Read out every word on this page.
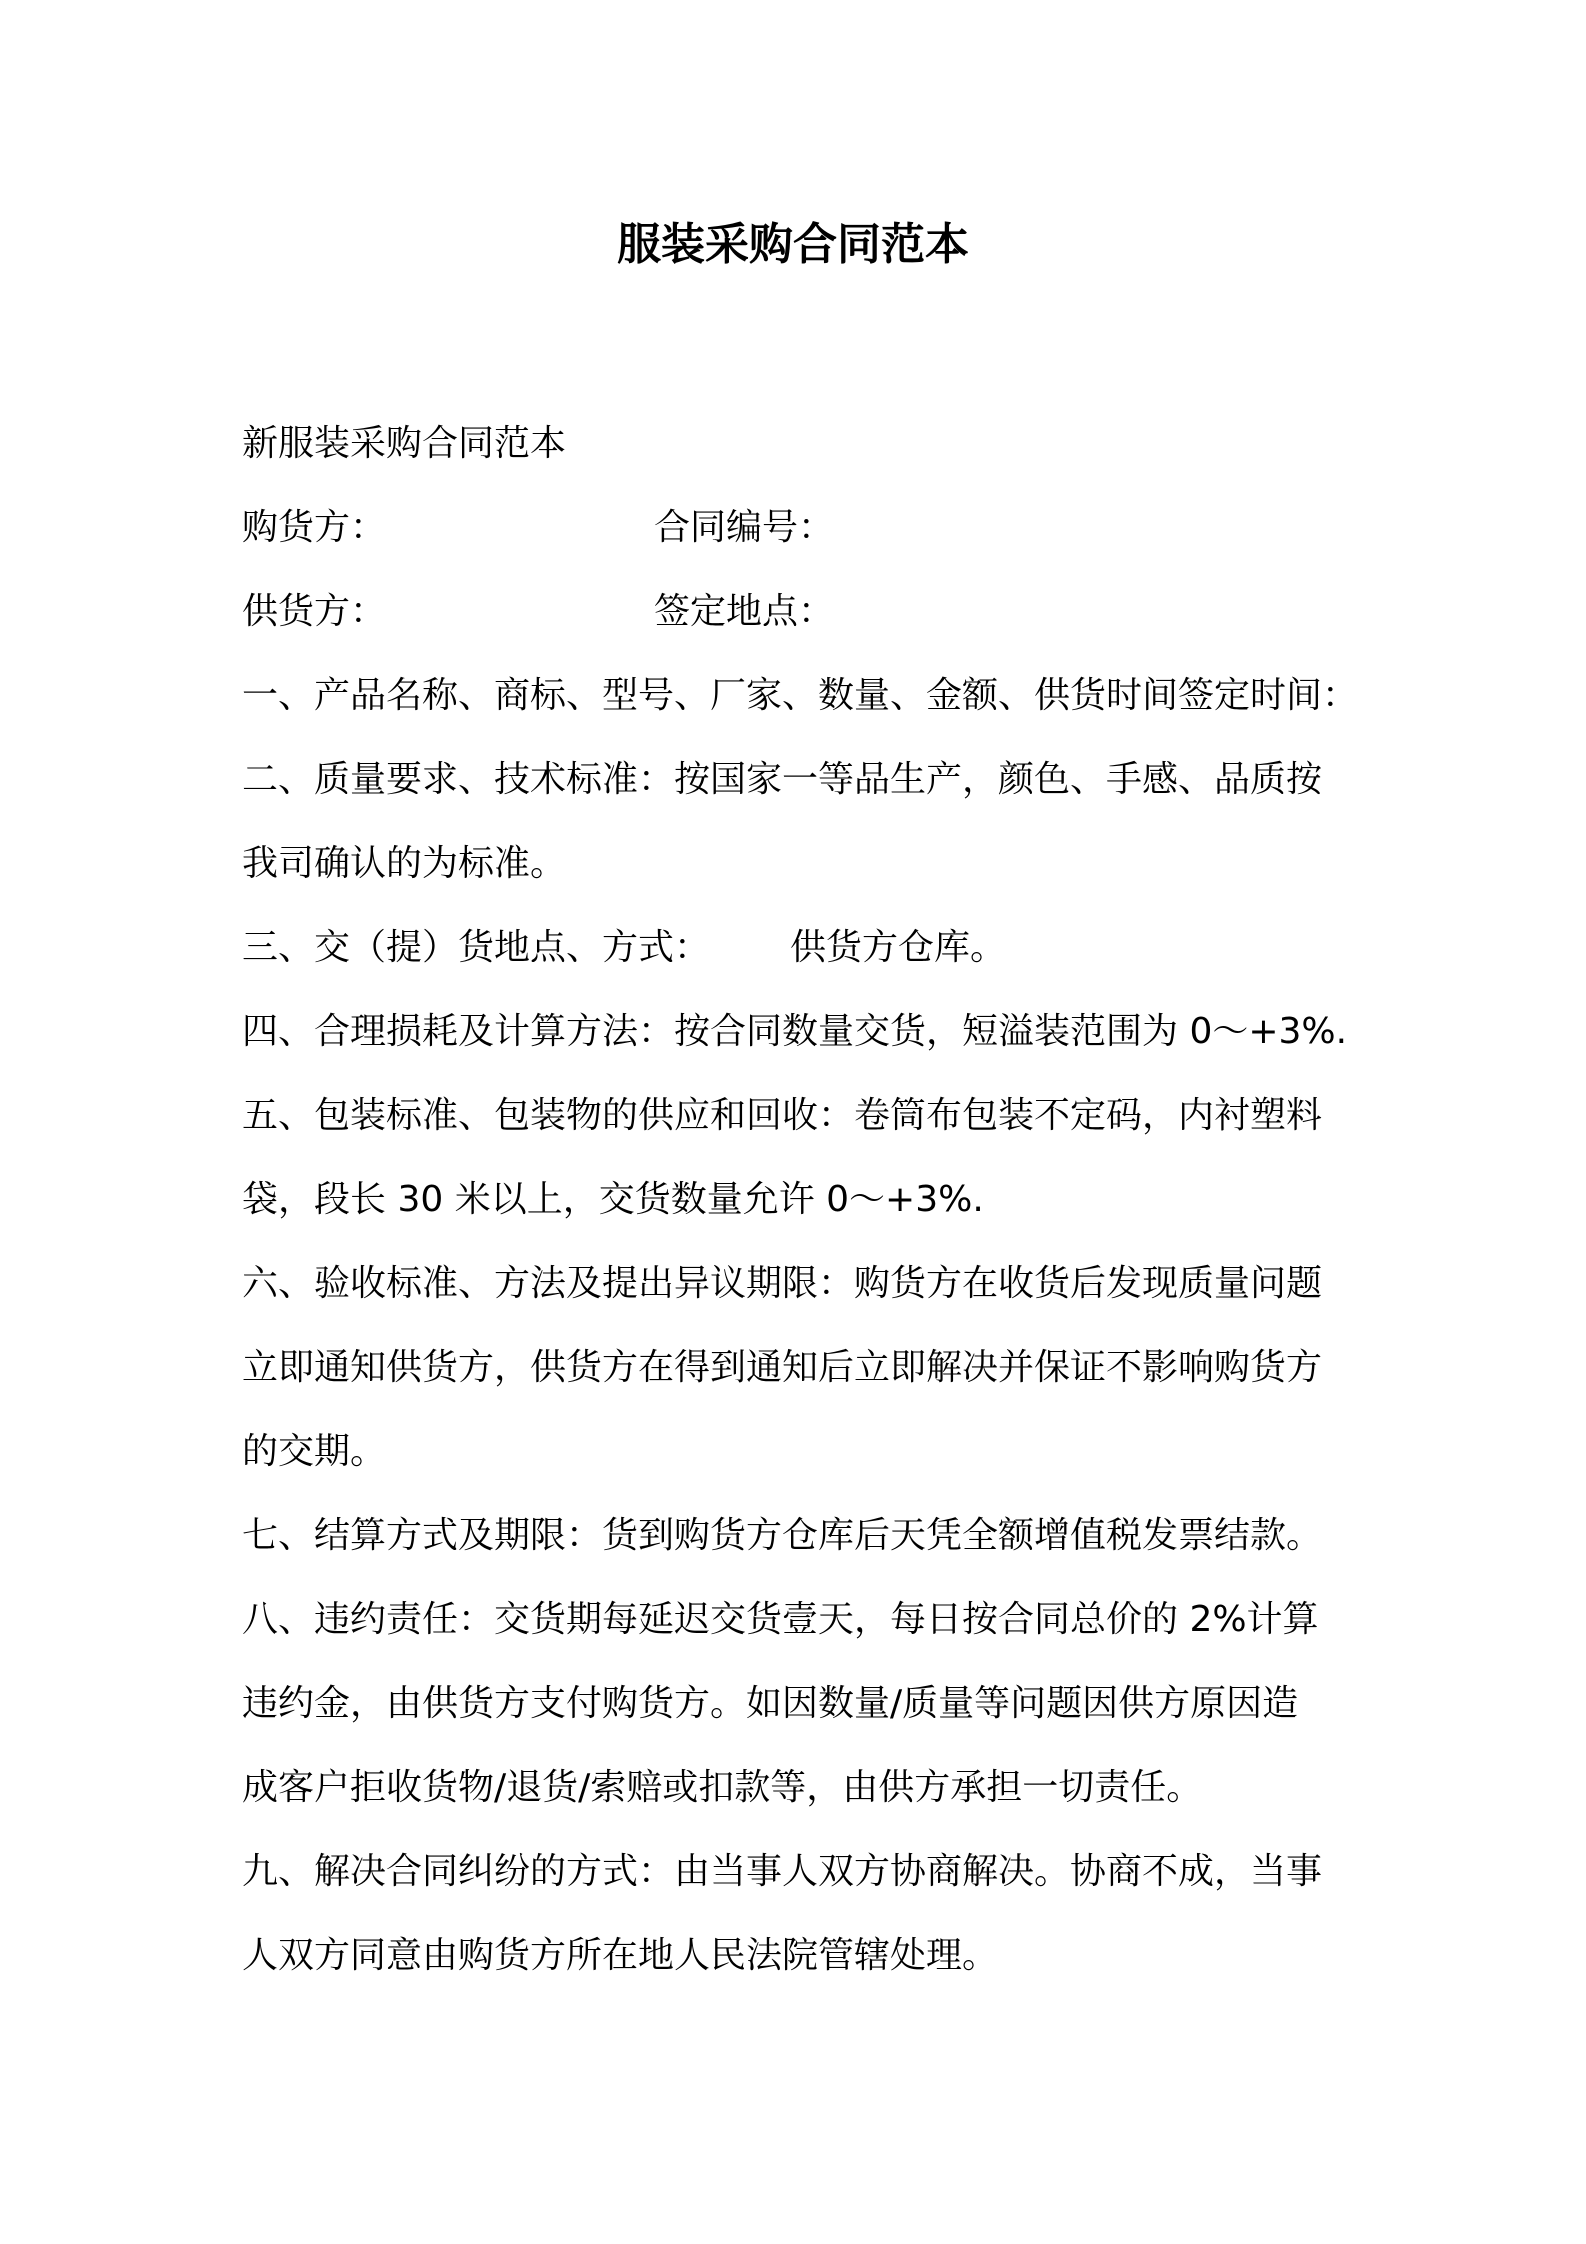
服装采购合同范本
新服装采购合同范本
购货方：	合同编号：
供货方：	签定地点：
一、产品名称、商标、型号、厂家、数量、金额、供货时间签定时间：
二、质量要求、技术标准：按国家一等品生产，颜色、手感、品质按
我司确认的为标准。
三、交（提）货地点、方式： 供货方仓库。
四、合理损耗及计算方法：按合同数量交货，短溢装范围为 0～+3%.
五、包装标准、包装物的供应和回收：卷筒布包装不定码，内衬塑料
袋，段长 30 米以上，交货数量允许 0～+3%.
六、验收标准、方法及提出异议期限：购货方在收货后发现质量问题
立即通知供货方，供货方在得到通知后立即解决并保证不影响购货方
的交期。
七、结算方式及期限：货到购货方仓库后天凭全额增值税发票结款。
八、违约责任：交货期每延迟交货壹天，每日按合同总价的 2%计算
违约金，由供货方支付购货方。如因数量/质量等问题因供方原因造
成客户拒收货物/退货/索赔或扣款等，由供方承担一切责任。
九、解决合同纠纷的方式：由当事人双方协商解决。协商不成，当事
人双方同意由购货方所在地人民法院管辖处理。
